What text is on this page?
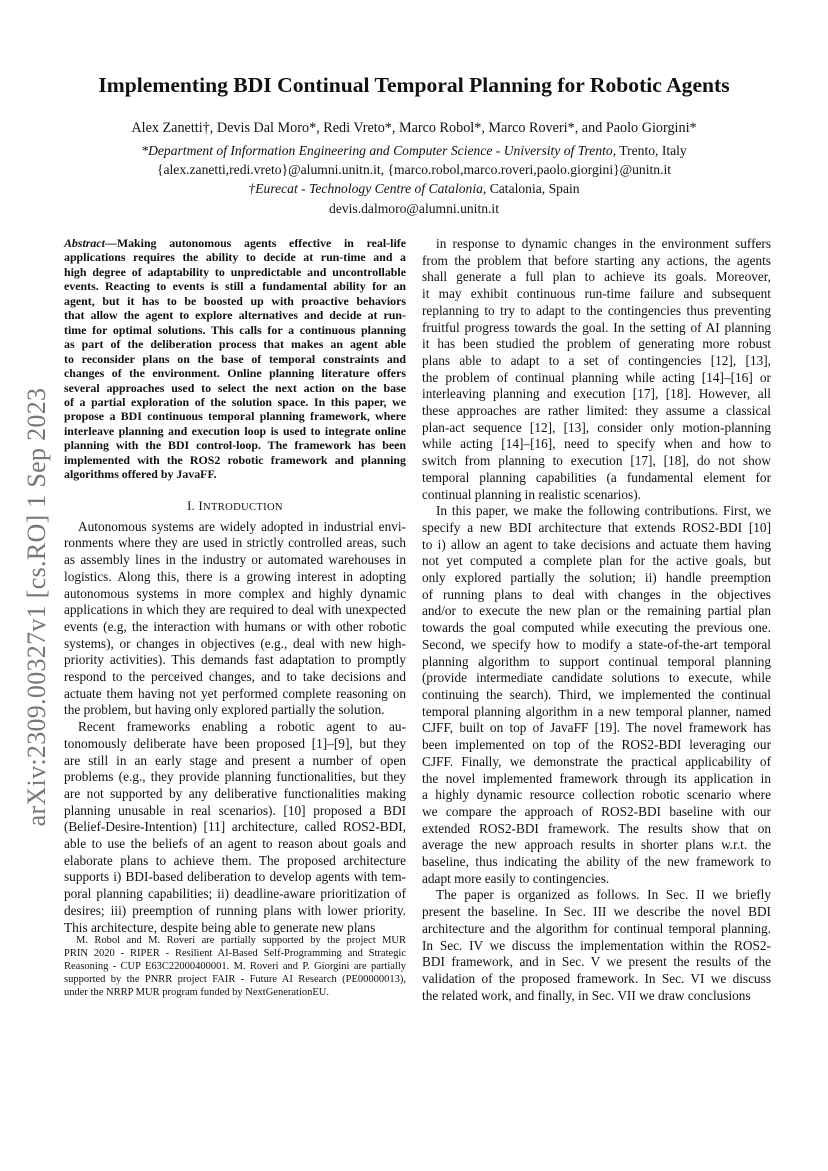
Implementing BDI Continual Temporal Planning for Robotic Agents
Alex Zanetti†, Devis Dal Moro*, Redi Vreto*, Marco Robol*, Marco Roveri*, and Paolo Giorgini*
*Department of Information Engineering and Computer Science - University of Trento, Trento, Italy
{alex.zanetti,redi.vreto}@alumni.unitn.it, {marco.robol,marco.roveri,paolo.giorgini}@unitn.it
†Eurecat - Technology Centre of Catalonia, Catalonia, Spain
devis.dalmoro@alumni.unitn.it
arXiv:2309.00327v1 [cs.RO] 1 Sep 2023

Abstract—Making autonomous agents effective in real-life

applications requires the ability to decide at run-time and a

high degree of adaptability to unpredictable and uncontrollable

events. Reacting to events is still a fundamental ability for an

agent, but it has to be boosted up with proactive behaviors

that allow the agent to explore alternatives and decide at run-

time for optimal solutions. This calls for a continuous planning

as part of the deliberation process that makes an agent able

to reconsider plans on the base of temporal constraints and

changes of the environment. Online planning literature offers

several approaches used to select the next action on the base

of a partial exploration of the solution space. In this paper, we

propose a BDI continuous temporal planning framework, where

interleave planning and execution loop is used to integrate online

planning with the BDI control-loop. The framework has been

implemented with the ROS2 robotic framework and planning

algorithms offered by JavaFF.

I. INTRODUCTION

Autonomous systems are widely adopted in industrial envi-

ronments where they are used in strictly controlled areas, such

as assembly lines in the industry or automated warehouses in

logistics. Along this, there is a growing interest in adopting

autonomous systems in more complex and highly dynamic

applications in which they are required to deal with unexpected

events (e.g, the interaction with humans or with other robotic

systems), or changes in objectives (e.g., deal with new high-

priority activities). This demands fast adaptation to promptly

respond to the perceived changes, and to take decisions and

actuate them having not yet performed complete reasoning on

the problem, but having only explored partially the solution.

Recent frameworks enabling a robotic agent to au-

tonomously deliberate have been proposed [1]–[9], but they

are still in an early stage and present a number of open

problems (e.g., they provide planning functionalities, but they

are not supported by any deliberative functionalities making

planning unusable in real scenarios). [10] proposed a BDI

(Belief-Desire-Intention) [11] architecture, called ROS2-BDI,

able to use the beliefs of an agent to reason about goals and

elaborate plans to achieve them. The proposed architecture

supports i) BDI-based deliberation to develop agents with tem-

poral planning capabilities; ii) deadline-aware prioritization of

desires; iii) preemption of running plans with lower priority.

This architecture, despite being able to generate new plans

M. Robol and M. Roveri are partially supported by the project MUR

PRIN 2020 - RIPER - Resilient AI-Based Self-Programming and Strategic

Reasoning - CUP E63C22000400001. M. Roveri and P. Giorgini are partially

supported by the PNRR project FAIR - Future AI Research (PE00000013),

under the NRRP MUR program funded by NextGenerationEU.

in response to dynamic changes in the environment suffers

from the problem that before starting any actions, the agents

shall generate a full plan to achieve its goals. Moreover,

it may exhibit continuous run-time failure and subsequent

replanning to try to adapt to the contingencies thus preventing

fruitful progress towards the goal. In the setting of AI planning

it has been studied the problem of generating more robust

plans able to adapt to a set of contingencies [12], [13],

the problem of continual planning while acting [14]–[16] or

interleaving planning and execution [17], [18]. However, all

these approaches are rather limited: they assume a classical

plan-act sequence [12], [13], consider only motion-planning

while acting [14]–[16], need to specify when and how to

switch from planning to execution [17], [18], do not show

temporal planning capabilities (a fundamental element for

continual planning in realistic scenarios).

In this paper, we make the following contributions. First, we

specify a new BDI architecture that extends ROS2-BDI [10]

to i) allow an agent to take decisions and actuate them having

not yet computed a complete plan for the active goals, but

only explored partially the solution; ii) handle preemption

of running plans to deal with changes in the objectives

and/or to execute the new plan or the remaining partial plan

towards the goal computed while executing the previous one.

Second, we specify how to modify a state-of-the-art temporal

planning algorithm to support continual temporal planning

(provide intermediate candidate solutions to execute, while

continuing the search). Third, we implemented the continual

temporal planning algorithm in a new temporal planner, named

CJFF, built on top of JavaFF [19]. The novel framework has

been implemented on top of the ROS2-BDI leveraging our

CJFF. Finally, we demonstrate the practical applicability of

the novel implemented framework through its application in

a highly dynamic resource collection robotic scenario where

we compare the approach of ROS2-BDI baseline with our

extended ROS2-BDI framework. The results show that on

average the new approach results in shorter plans w.r.t. the

baseline, thus indicating the ability of the new framework to

adapt more easily to contingencies.

The paper is organized as follows. In Sec. II we briefly

present the baseline. In Sec. III we describe the novel BDI

architecture and the algorithm for continual temporal planning.

In Sec. IV we discuss the implementation within the ROS2-

BDI framework, and in Sec. V we present the results of the

validation of the proposed framework. In Sec. VI we discuss

the related work, and finally, in Sec. VII we draw conclusions
